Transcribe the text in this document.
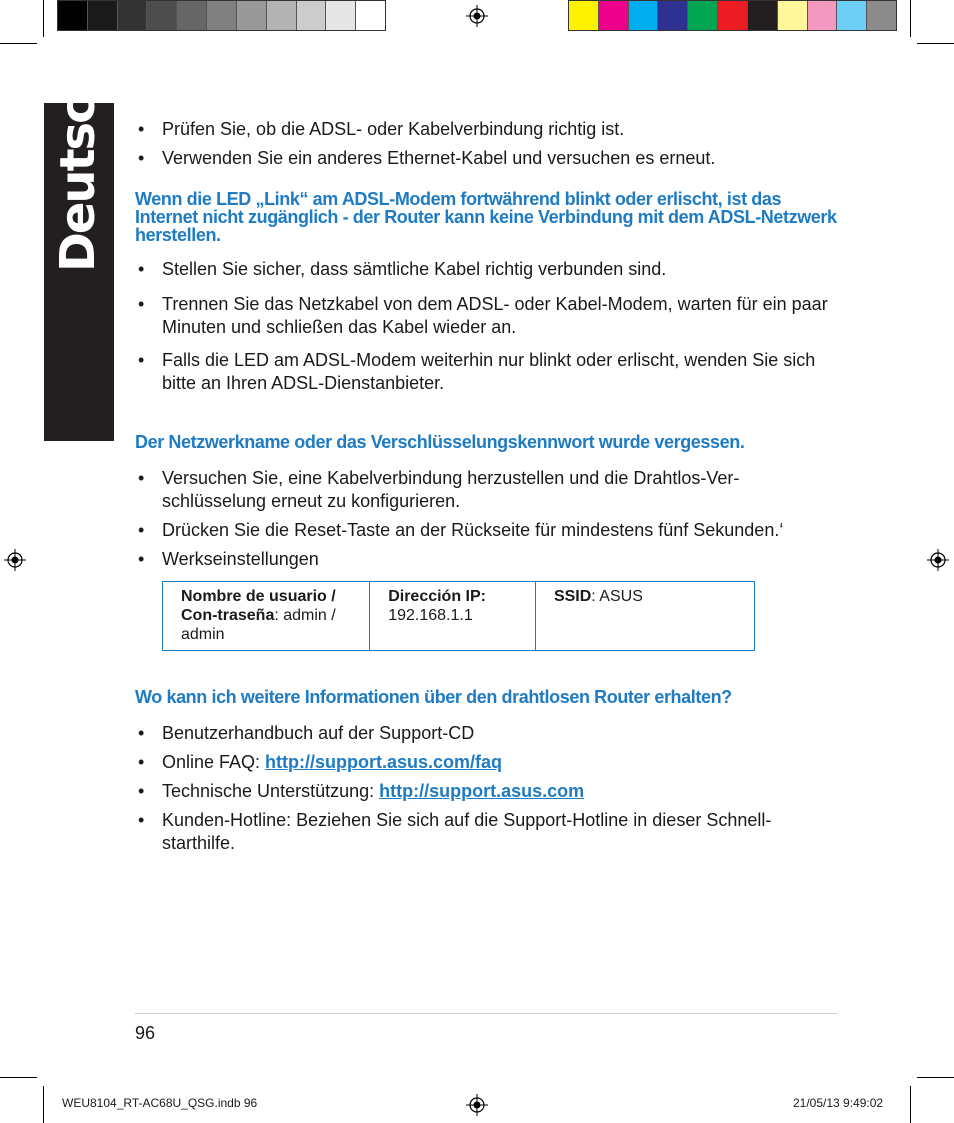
Deutsch
•	Prüfen Sie, ob die ADSL- oder Kabelverbindung richtig ist.
• Verwenden Sie ein anderes Ethernet-Kabel und versuchen es erneut.
Wenn die LED „Link“ am ADSL-Modem fortwährend blinkt oder erlischt, ist das Internet nicht zugänglich - der Router kann keine Verbindung mit dem ADSL-Netzwerk herstellen.
• Stellen Sie sicher, dass sämtliche Kabel richtig verbunden sind.
• Trennen Sie das Netzkabel von dem ADSL- oder Kabel-Modem, warten für ein paar Minuten und schließen das Kabel wieder an.
• Falls die LED am ADSL-Modem weiterhin nur blinkt oder erlischt, wenden Sie sich bitte an Ihren ADSL-Dienstanbieter.
Der Netzwerkname oder das Verschlüsselungskennwort wurde vergessen.
• Versuchen Sie, eine Kabelverbindung herzustellen und die Drahtlos-Ver-schlüsselung erneut zu konfigurieren.
• Drücken Sie die Reset-Taste an der Rückseite für mindestens fünf Sekunden.‘
• Werkseinstellungen
Nombre de usuario / Con-traseña: admin / admin	Dirección IP:
192.168.1.1	SSID: ASUS
Wo kann ich weitere Informationen über den drahtlosen Router erhalten?
• Benutzerhandbuch auf der Support-CD
• Online FAQ: http://support.asus.com/faq
• Technische Unterstützung: http://support.asus.com
• Kunden-Hotline: Beziehen Sie sich auf die Support-Hotline in dieser Schnell-starthilfe.
96
WEU8104_RT-AC68U_QSG.indb 96	21/05/13 9:49:02
